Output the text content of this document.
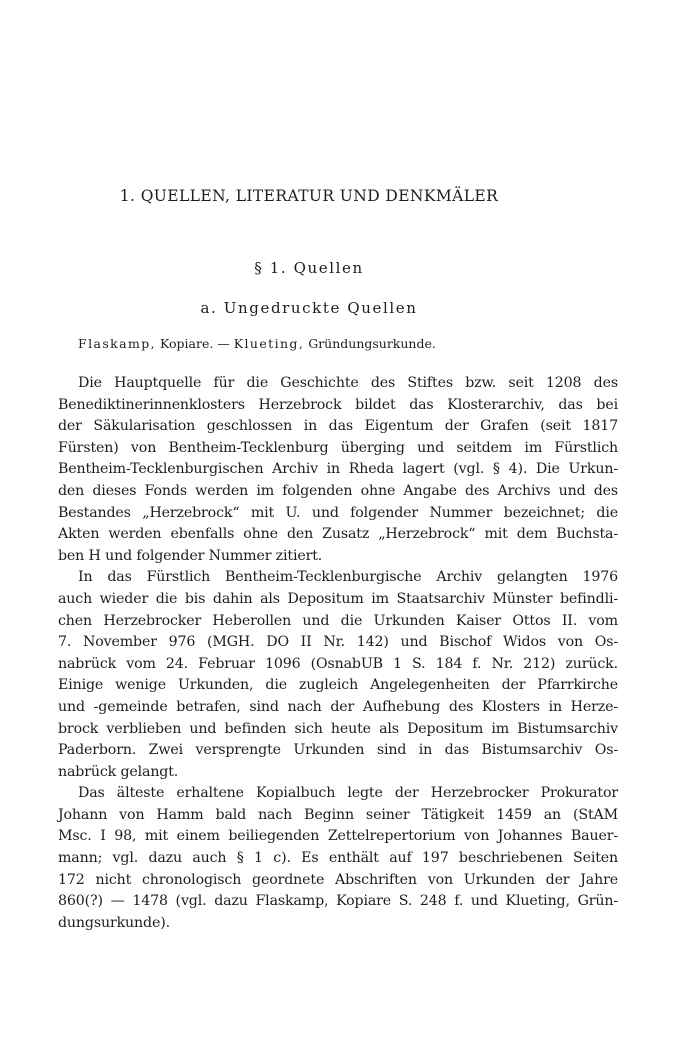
1. QUELLEN, LITERATUR UND DENKMÄLER
§ 1. Quellen
a. Ungedruckte Quellen
Flaskamp, Kopiare. — Klueting, Gründungsurkunde.
Die Hauptquelle für die Geschichte des Stiftes bzw. seit 1208 des
Benediktinerinnenklosters Herzebrock bildet das Klosterarchiv, das bei
der Säkularisation geschlossen in das Eigentum der Grafen (seit 1817
Fürsten) von Bentheim-Tecklenburg überging und seitdem im Fürstlich
Bentheim-Tecklenburgischen Archiv in Rheda lagert (vgl. § 4). Die Urkun-
den dieses Fonds werden im folgenden ohne Angabe des Archivs und des
Bestandes „Herzebrock“ mit U. und folgender Nummer bezeichnet; die
Akten werden ebenfalls ohne den Zusatz „Herzebrock“ mit dem Buchsta-
ben H und folgender Nummer zitiert.
In das Fürstlich Bentheim-Tecklenburgische Archiv gelangten 1976
auch wieder die bis dahin als Depositum im Staatsarchiv Münster befindli-
chen Herzebrocker Heberollen und die Urkunden Kaiser Ottos II. vom
7. November 976 (MGH. DO II Nr. 142) und Bischof Widos von Os-
nabrück vom 24. Februar 1096 (OsnabUB 1 S. 184 f. Nr. 212) zurück.
Einige wenige Urkunden, die zugleich Angelegenheiten der Pfarrkirche
und -gemeinde betrafen, sind nach der Aufhebung des Klosters in Herze-
brock verblieben und befinden sich heute als Depositum im Bistumsarchiv
Paderborn. Zwei versprengte Urkunden sind in das Bistumsarchiv Os-
nabrück gelangt.
Das älteste erhaltene Kopialbuch legte der Herzebrocker Prokurator
Johann von Hamm bald nach Beginn seiner Tätigkeit 1459 an (StAM
Msc. I 98, mit einem beiliegenden Zettelrepertorium von Johannes Bauer-
mann; vgl. dazu auch § 1 c). Es enthält auf 197 beschriebenen Seiten
172 nicht chronologisch geordnete Abschriften von Urkunden der Jahre
860(?) — 1478 (vgl. dazu Flaskamp, Kopiare S. 248 f. und Klueting, Grün-
dungsurkunde).
